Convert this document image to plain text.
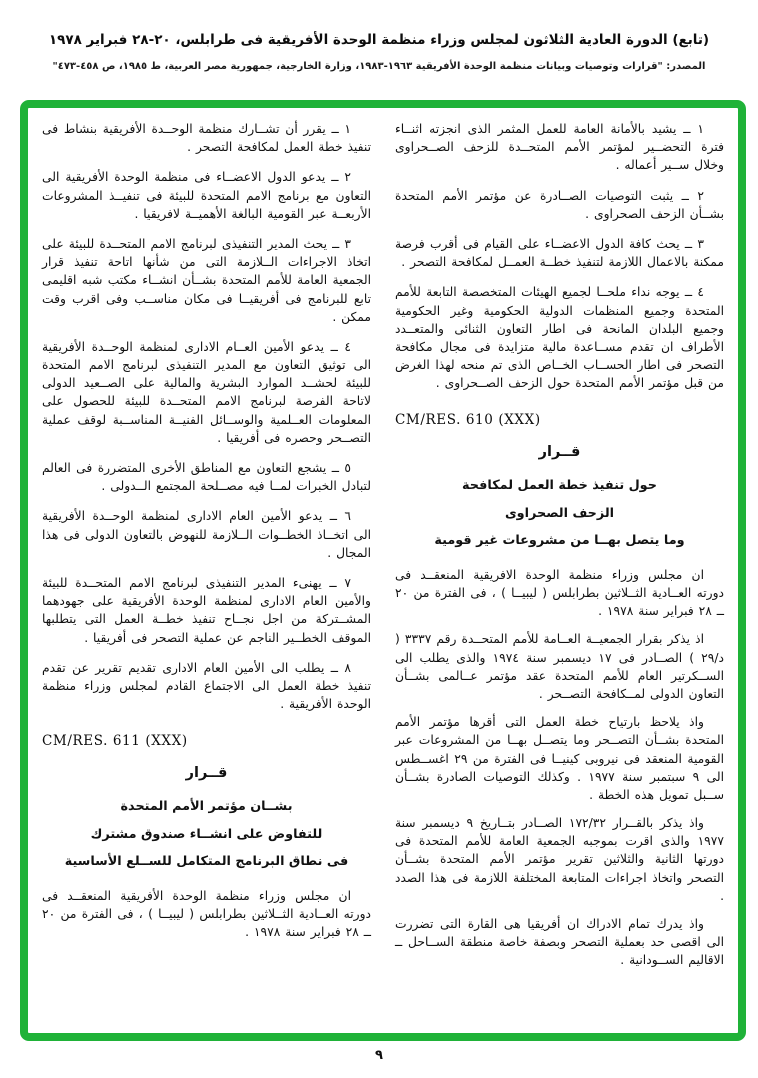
(تابع) الدورة العادية الثلاثون لمجلس وزراء منظمة الوحدة الأفريقية فى طرابلس، ٢٠-٢٨ فبراير ١٩٧٨
المصدر: "قرارات وتوصيات وبيانات منظمة الوحدة الأفريقية ١٩٦٣-١٩٨٣، وزارة الخارجية، جمهورية مصر العربية، ط ١٩٨٥، ص ٤٥٨-٤٧٣"
١ ــ يشيد بالأمانة العامة للعمل المثمر الذى انجزته اثنــاء فترة التحضــير لمؤتمر الأمم المتحــدة للزحف الصــحراوى وخلال ســير أعماله .
٢ ــ يثبت التوصيات الصــادرة عن مؤتمر الأمم المتحدة بشــأن الزحف الصحراوى .
٣ ــ يحث كافة الدول الاعضــاء على القيام فى أقرب فرصة ممكنة بالاعمال اللازمة لتنفيذ خطــة العمــل لمكافحة التصحر .
٤ ــ يوجه نداء ملحــا لجميع الهيئات المتخصصة التابعة للأمم المتحدة وجميع المنظمات الدولية الحكومية وغير الحكومية وجميع البلدان المانحة فى اطار التعاون الثنائى والمتعــدد الأطراف ان تقدم مســاعدة مالية متزايدة فى مجال مكافحة التصحر فى اطار الحســاب الخــاص الذى تم منحه لهذا الغرض من قبل مؤتمر الأمم المتحدة حول الزحف الصــحراوى .
CM/RES. 610 (XXX)
قــرار
حول تنفيذ خطة العمل لمكافحة
الزحف الصحراوى
وما يتصل بهــا من مشروعات غير قومية
ان مجلس وزراء منظمة الوحدة الافريقية المنعقــد فى دورته العــادية الثــلاثين بطرابلس ( ليبيــا ) ، فى الفترة من ٢٠ ــ ٢٨ فبراير سنة ١٩٧٨ .
اذ يذكر بقرار الجمعيــة العــامة للأمم المتحــدة رقم ٣٣٣٧ ( د/٢٩ ) الصــادر فى ١٧ ديسمبر سنة ١٩٧٤ والذى يطلب الى الســكرتير العام للأمم المتحدة عقد مؤتمر عــالمى بشــأن التعاون الدولى لمــكافحة التصــحر .
واذ يلاحظ بارتياح خطة العمل التى أقرها مؤتمر الأمم المتحدة بشــأن التصــحر وما يتصــل بهــا من المشروعات عبر القومية المنعقد فى نيروبى كينيــا فى الفترة من ٢٩ اغســطس الى ٩ سبتمبر سنة ١٩٧٧ . وكذلك التوصيات الصادرة بشــأن ســبل تمويل هذه الخطة .
واذ يذكر بالقــرار ١٧٢/٣٢ الصــادر بتــاريخ ٩ ديسمبر سنة ١٩٧٧ والذى اقرت بموجبه الجمعية العامة للأمم المتحدة فى دورتها الثانية والثلاثين تقرير مؤتمر الأمم المتحدة بشــأن التصحر واتخاذ اجراءات المتابعة المختلفة اللازمة فى هذا الصدد .
واذ يدرك تمام الادراك ان أفريقيا هى القارة التى تضررت الى اقصى حد بعملية التصحر وبصفة خاصة منطقة الســاحل ــ الاقاليم الســودانية .
١ ــ يقرر أن تشــارك منظمة الوحــدة الأفريقية بنشاط فى تنفيذ خطة العمل لمكافحة التصحر .
٢ ــ يدعو الدول الاعضــاء فى منظمة الوحدة الأفريقية الى التعاون مع برنامج الامم المتحدة للبيئة فى تنفيــذ المشروعات الأربعــة عبر القومية البالغة الأهميــة لافريقيا .
٣ ــ يحث المدير التنفيذى لبرنامج الامم المتحــدة للبيئة على اتخاذ الاجراءات الــلازمة التى من شأنها اتاحة تنفيذ قرار الجمعية العامة للأمم المتحدة بشــأن انشــاء مكتب شبه اقليمى تابع للبرنامج فى أفريقيــا فى مكان مناســب وفى اقرب وقت ممكن .
٤ ــ يدعو الأمين العــام الادارى لمنظمة الوحــدة الأفريقية الى توثيق التعاون مع المدير التنفيذى لبرنامج الامم المتحدة للبيئة لحشــد الموارد البشرية والمالية على الصــعيد الدولى لاتاحة الفرصة لبرنامج الامم المتحــدة للبيئة للحصول على المعلومات العــلمية والوســائل الفنيــة المناســبة لوقف عملية التصــحر وحصره فى أفريقيا .
٥ ــ يشجع التعاون مع المناطق الأخرى المتضررة فى العالم لتبادل الخبرات لمــا فيه مصــلحة المجتمع الــدولى .
٦ ــ يدعو الأمين العام الادارى لمنظمة الوحــدة الأفريقية الى اتخــاذ الخطــوات الــلازمة للنهوض بالتعاون الدولى فى هذا المجال .
٧ ــ يهنىء المدير التنفيذى لبرنامج الامم المتحــدة للبيئة والأمين العام الادارى لمنظمة الوحدة الأفريقية على جهودهما المشــتركة من اجل نجــاح تنفيذ خطــة العمل التى يتطلبها الموقف الخطــير الناجم عن عملية التصحر فى أفريقيا .
٨ ــ يطلب الى الأمين العام الادارى تقديم تقرير عن تقدم تنفيذ خطة العمل الى الاجتماع القادم لمجلس وزراء منظمة الوحدة الأفريقية .
CM/RES. 611 (XXX)
قــرار
بشــان مؤتمر الأمم المتحدة
للتفاوض على انشــاء صندوق مشترك
فى نطاق البرنامج المتكامل للســلع الأساسية
ان مجلس وزراء منظمة الوحدة الأفريقية المنعقــد فى دورته العــادية الثــلاثين بطرابلس ( ليبيــا ) ، فى الفترة من ٢٠ ــ ٢٨ فبراير سنة ١٩٧٨ .
٩
